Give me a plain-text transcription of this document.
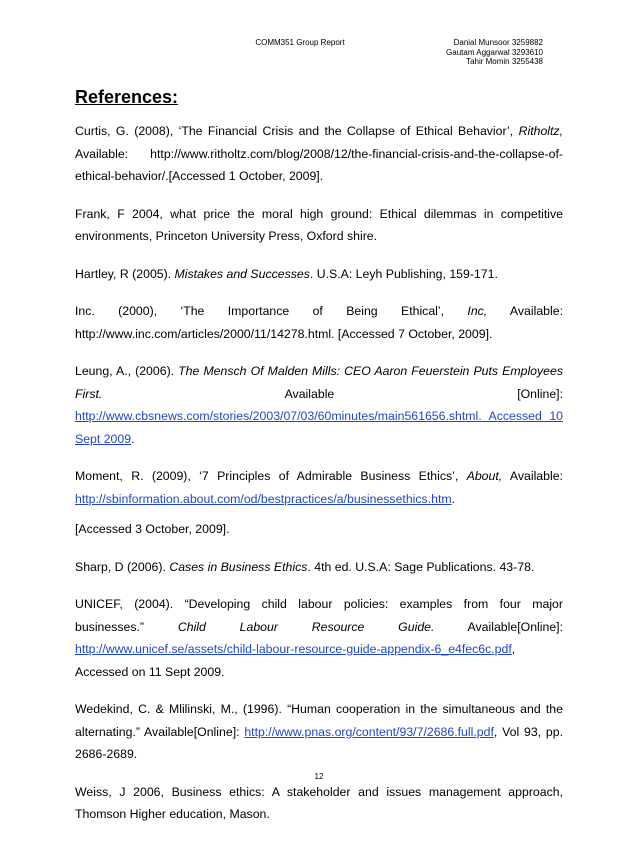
COMM351 Group Report	Danial Munsoor 3259882
Gautam Aggarwal 3293610
Tahir Momin 3255438
References:

Curtis, G. (2008), ‘The Financial Crisis and the Collapse of Ethical Behavior’, Ritholtz, Available: http://www.ritholtz.com/blog/2008/12/the-financial-crisis-and-the-collapse-of-ethical-behavior/.[Accessed 1 October, 2009].

Frank, F 2004, what price the moral high ground: Ethical dilemmas in competitive environments, Princeton University Press, Oxford shire.

Hartley, R (2005). Mistakes and Successes. U.S.A: Leyh Publishing, 159-171.

Inc. (2000), ‘The Importance of Being Ethical’, Inc, Available: http://www.inc.com/articles/2000/11/14278.html. [Accessed 7 October, 2009].

Leung, A., (2006). The Mensch Of Malden Mills: CEO Aaron Feuerstein Puts Employees First. Available [Online]: http://www.cbsnews.com/stories/2003/07/03/60minutes/main561656.shtml. Accessed 10 Sept 2009.

Moment, R. (2009), ‘7 Principles of Admirable Business Ethics’, About, Available: http://sbinformation.about.com/od/bestpractices/a/businessethics.htm.

[Accessed 3 October, 2009].

Sharp, D (2006). Cases in Business Ethics. 4th ed. U.S.A: Sage Publications. 43-78.

UNICEF, (2004). “Developing child labour policies: examples from four major businesses.” Child Labour Resource Guide. Available[Online]: http://www.unicef.se/assets/child-labour-resource-guide-appendix-6_e4fec6c.pdf, Accessed on 11 Sept 2009.

Wedekind, C. & Mlilinski, M., (1996). “Human cooperation in the simultaneous and the alternating.” Available[Online]: http://www.pnas.org/content/93/7/2686.full.pdf, Vol 93, pp. 2686-2689.

Weiss, J 2006, Business ethics: A stakeholder and issues management approach, Thomson Higher education, Mason.

12
